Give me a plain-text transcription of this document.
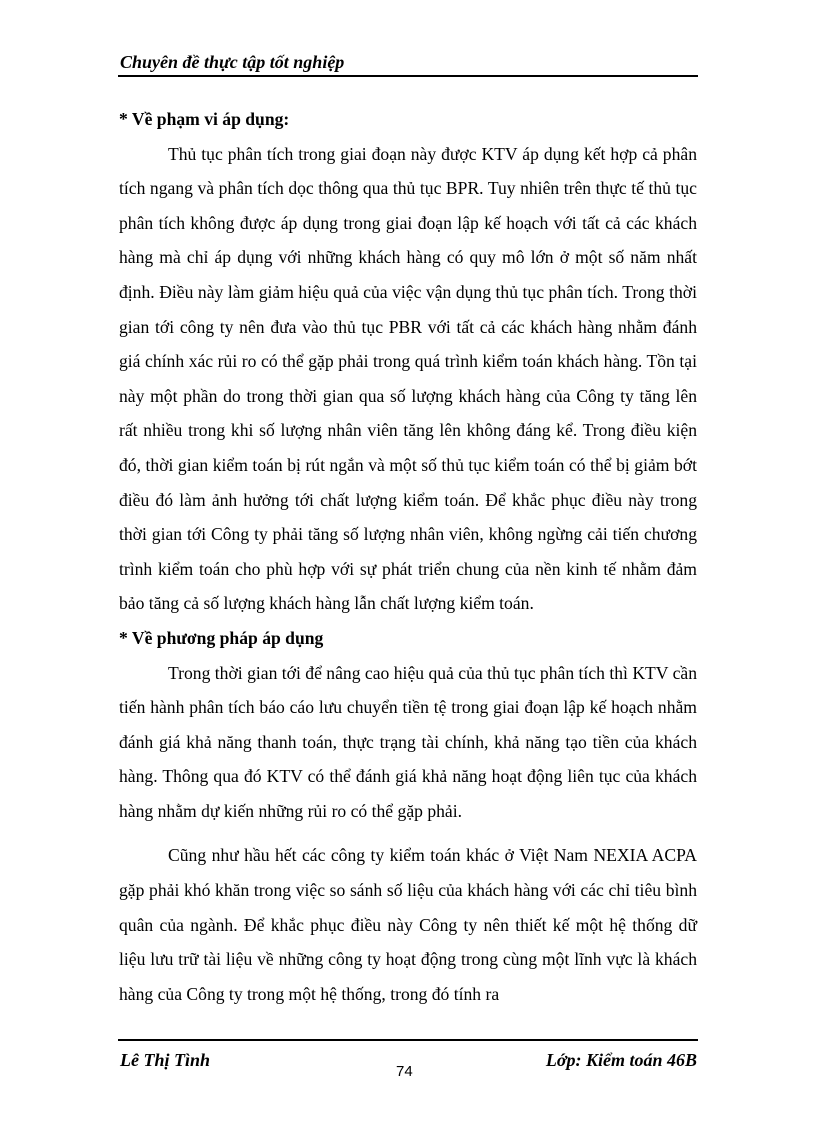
Chuyên đề thực tập tốt nghiệp

* Về phạm vi áp dụng:

Thủ tục phân tích trong giai đoạn này được KTV áp dụng kết hợp cả phân tích ngang và phân tích dọc thông qua thủ tục BPR. Tuy nhiên trên thực tế thủ tục phân tích không được áp dụng trong giai đoạn lập kế hoạch với tất cả các khách hàng mà chỉ áp dụng với những khách hàng có quy mô lớn ở một số năm nhất định. Điều này làm giảm hiệu quả của việc vận dụng thủ tục phân tích. Trong thời gian tới công ty nên đưa vào thủ tục PBR với tất cả các khách hàng nhằm đánh giá chính xác rủi ro có thể gặp phải trong quá trình kiểm toán khách hàng. Tồn tại này một phần do trong thời gian qua số lượng khách hàng của Công ty tăng lên rất nhiều trong khi số lượng nhân viên tăng lên không đáng kể. Trong điều kiện đó, thời gian kiểm toán bị rút ngắn và một số thủ tục kiểm toán có thể bị giảm bớt điều đó làm ảnh hưởng tới chất lượng kiểm toán. Để khắc phục điều này trong thời gian tới Công ty phải tăng số lượng nhân viên, không ngừng cải tiến chương trình kiểm toán cho phù hợp với sự phát triển chung của nền kinh tế nhằm đảm bảo tăng cả số lượng khách hàng lẫn chất lượng kiểm toán.

* Về phương pháp áp dụng

Trong thời gian tới để nâng cao hiệu quả của thủ tục phân tích thì KTV cần tiến hành phân tích báo cáo lưu chuyển tiền tệ trong giai đoạn lập kế hoạch nhằm đánh giá khả năng thanh toán, thực trạng tài chính, khả năng tạo tiền của khách hàng. Thông qua đó KTV có thể đánh giá khả năng hoạt động liên tục của khách hàng nhằm dự kiến những rủi ro có thể gặp phải.

Cũng như hầu hết các công ty kiểm toán khác ở Việt Nam NEXIA ACPA gặp phải khó khăn trong việc so sánh số liệu của khách hàng với các chỉ tiêu bình quân của ngành. Để khắc phục điều này Công ty nên thiết kế một hệ thống dữ liệu lưu trữ tài liệu về những công ty hoạt động trong cùng một lĩnh vực là khách hàng của Công ty trong một hệ thống, trong đó tính ra

Lê Thị Tình
74
Lớp: Kiểm toán 46B
